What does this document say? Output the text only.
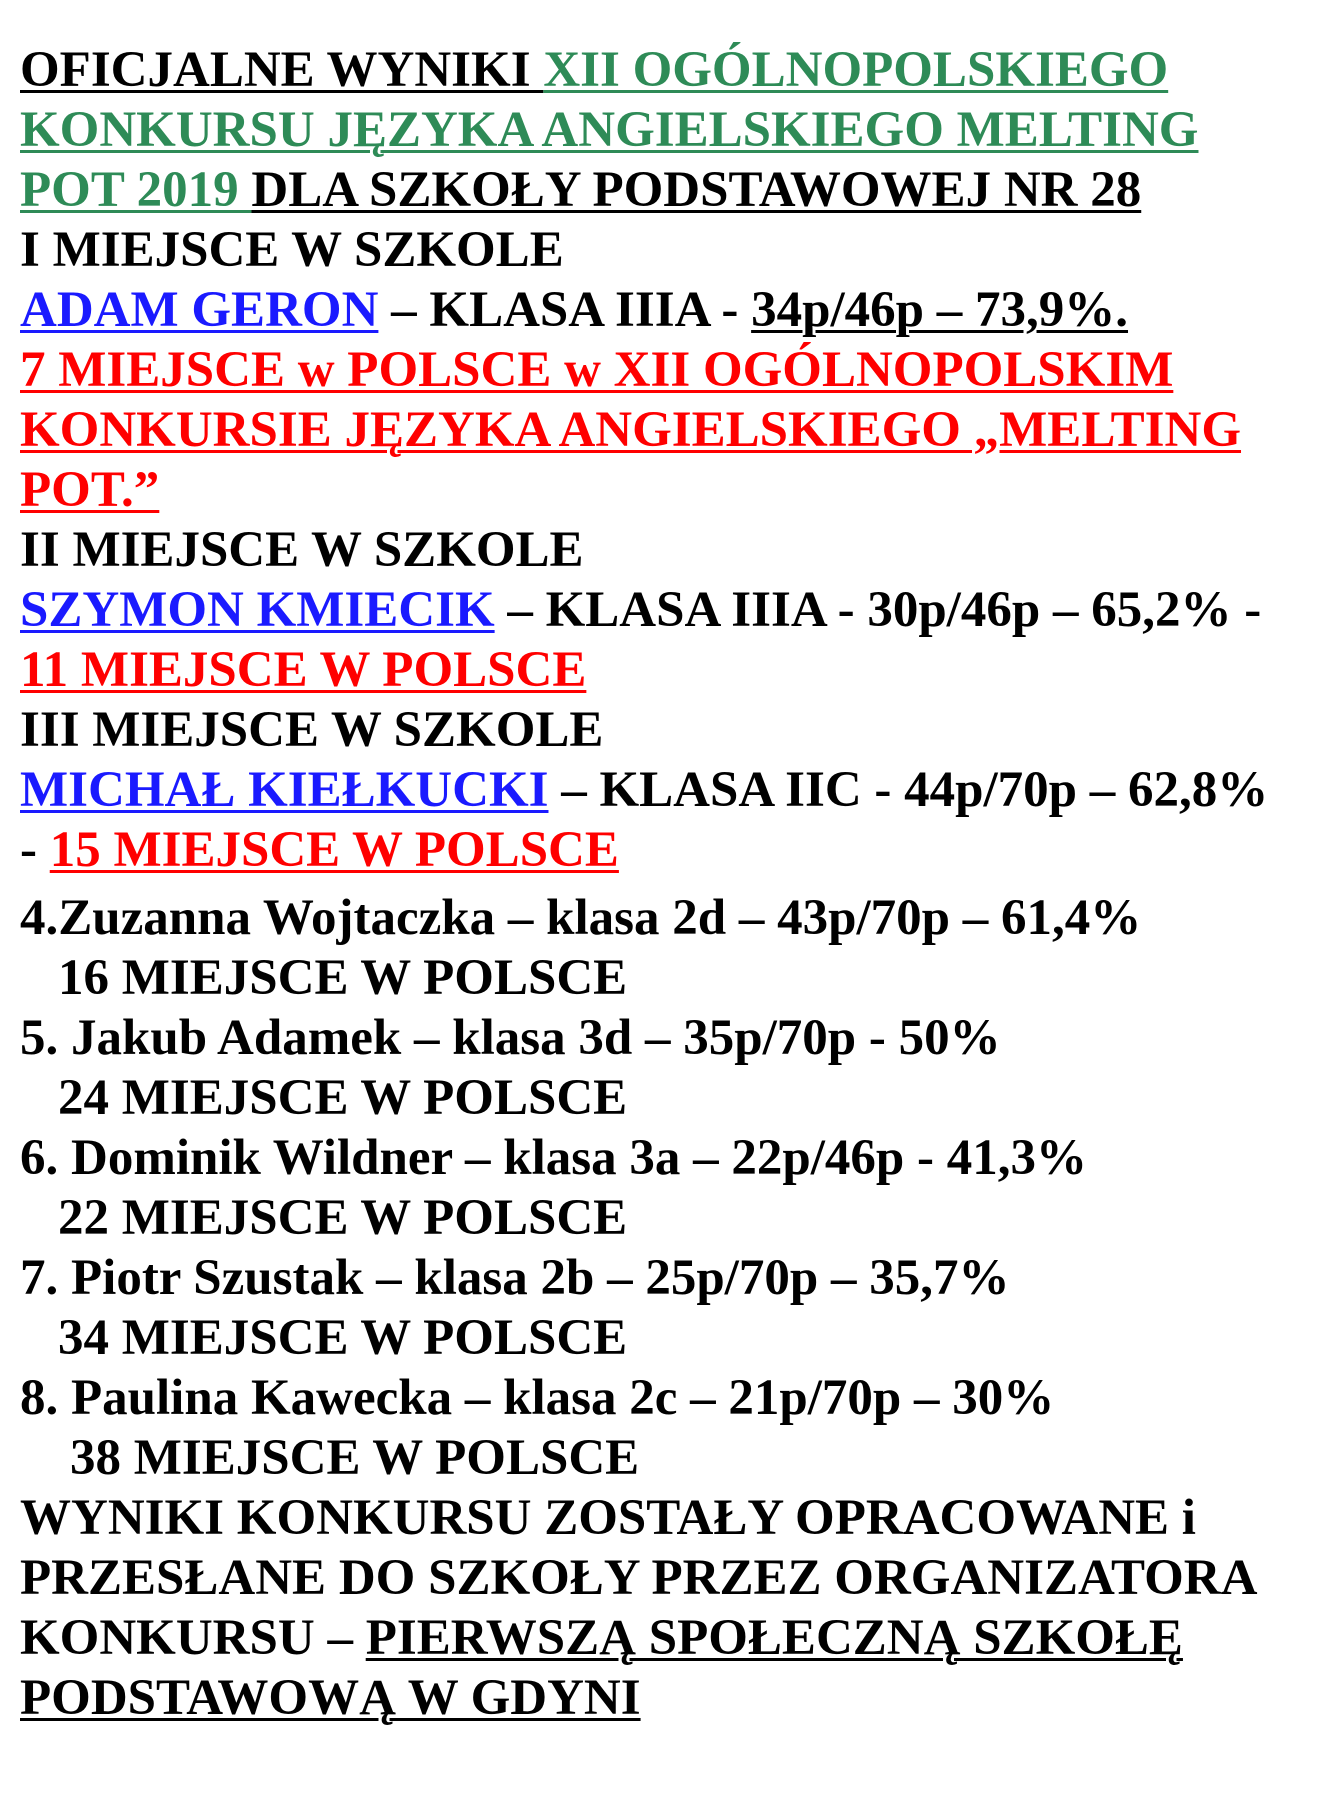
OFICJALNE WYNIKI XII OGÓLNOPOLSKIEGO
KONKURSU JĘZYKA ANGIELSKIEGO MELTING
POT 2019 DLA SZKOŁY PODSTAWOWEJ NR 28
I MIEJSCE W SZKOLE
ADAM GERON – KLASA IIIA - 34p/46p – 73,9%.
7 MIEJSCE w POLSCE w XII OGÓLNOPOLSKIM
KONKURSIE JĘZYKA ANGIELSKIEGO „MELTING
POT.”
II MIEJSCE W SZKOLE
SZYMON KMIECIK – KLASA IIIA - 30p/46p – 65,2% -
11 MIEJSCE W POLSCE
III MIEJSCE W SZKOLE
MICHAŁ KIEŁKUCKI – KLASA IIC - 44p/70p – 62,8%
- 15 MIEJSCE W POLSCE
4.Zuzanna Wojtaczka – klasa 2d – 43p/70p – 61,4%
16 MIEJSCE W POLSCE
5. Jakub Adamek – klasa 3d – 35p/70p - 50%
24 MIEJSCE W POLSCE
6. Dominik Wildner – klasa 3a – 22p/46p - 41,3%
22 MIEJSCE W POLSCE
7. Piotr Szustak – klasa 2b – 25p/70p – 35,7%
34 MIEJSCE W POLSCE
8. Paulina Kawecka – klasa 2c – 21p/70p – 30%
38 MIEJSCE W POLSCE
WYNIKI KONKURSU ZOSTAŁY OPRACOWANE i
PRZESŁANE DO SZKOŁY PRZEZ ORGANIZATORA
KONKURSU – PIERWSZĄ SPOŁECZNĄ SZKOŁĘ
PODSTAWOWĄ W GDYNI
